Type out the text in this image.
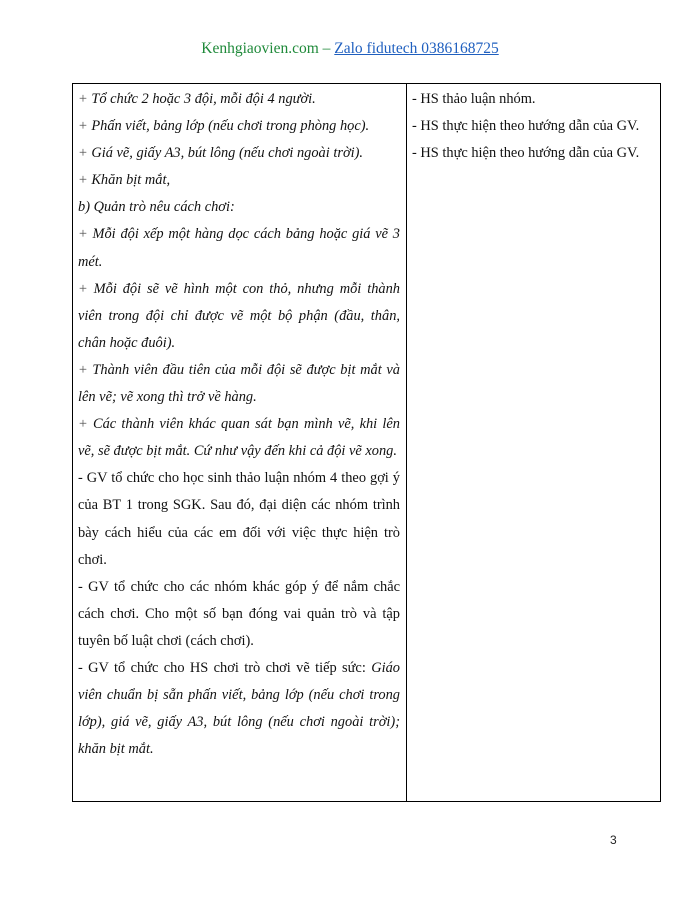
Kenhgiaovien.com – Zalo fidutech 0386168725

+ Tổ chức 2 hoặc 3 đội, mỗi đội 4 người.

+ Phấn viết, bảng lớp (nếu chơi trong phòng học).

+ Giá vẽ, giấy A3, bút lông (nếu chơi ngoài trời).

+ Khăn bịt mắt,

b) Quản trò nêu cách chơi:

+ Mỗi đội xếp một hàng dọc cách bảng hoặc giá vẽ 3 mét.

+ Mỗi đội sẽ vẽ hình một con thỏ, nhưng mỗi thành viên trong đội chỉ được vẽ một bộ phận (đầu, thân, chân hoặc đuôi).

+ Thành viên đầu tiên của mỗi đội sẽ được bịt mắt và lên vẽ; vẽ xong thì trở về hàng.

+ Các thành viên khác quan sát bạn mình vẽ, khi lên vẽ, sẽ được bịt mắt. Cứ như vậy đến khi cả đội vẽ xong.

- GV tổ chức cho học sinh thảo luận nhóm 4 theo gợi ý của BT 1 trong SGK. Sau đó, đại diện các nhóm trình bày cách hiểu của các em đối với việc thực hiện trò chơi.

- GV tổ chức cho các nhóm khác góp ý để nắm chắc cách chơi. Cho một số bạn đóng vai quản trò và tập tuyên bố luật chơi (cách chơi).

- GV tổ chức cho HS chơi trò chơi vẽ tiếp sức: Giáo viên chuẩn bị sẵn phấn viết, bảng lớp (nếu chơi trong lớp), giá vẽ, giấy A3, bút lông (nếu chơi ngoài trời); khăn bịt mắt.

- HS thảo luận nhóm.

- HS thực hiện theo hướng dẫn của GV.

- HS thực hiện theo hướng dẫn của GV.

3
